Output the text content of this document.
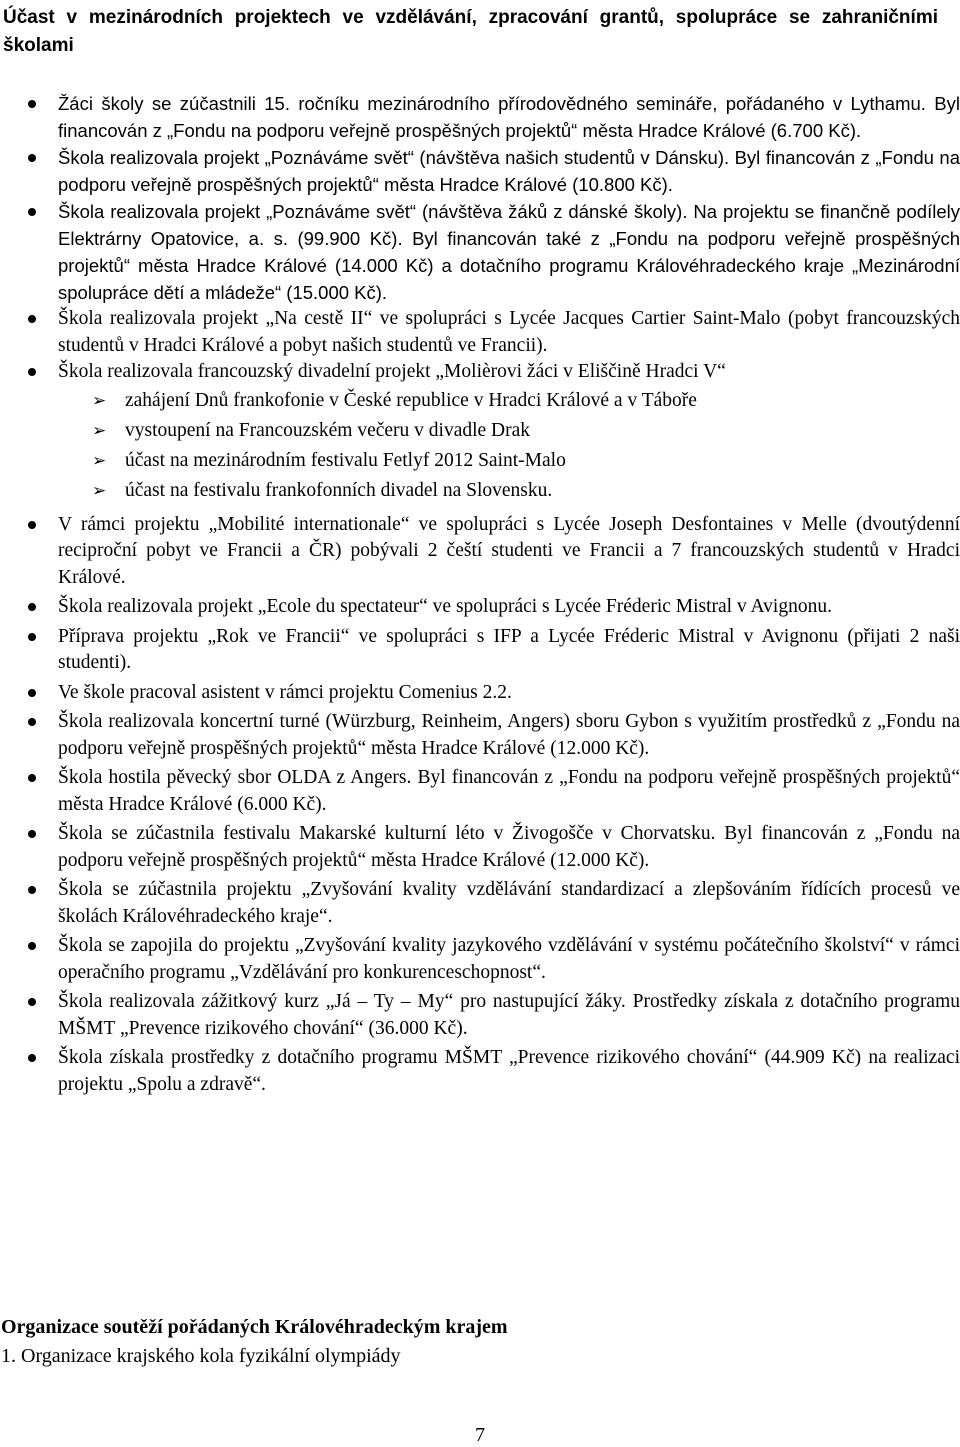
Účast v mezinárodních projektech ve vzdělávání, zpracování grantů, spolupráce se zahraničními školami
Žáci školy se zúčastnili 15. ročníku mezinárodního přírodovědného semináře, pořádaného v Lythamu. Byl financován z „Fondu na podporu veřejně prospěšných projektů“ města Hradce Králové (6.700 Kč).
Škola realizovala projekt „Poznáváme svět“ (návštěva našich studentů v Dánsku). Byl financován z „Fondu na podporu veřejně prospěšných projektů“ města Hradce Králové (10.800 Kč).
Škola realizovala projekt „Poznáváme svět“ (návštěva žáků z dánské školy). Na projektu se finančně podílely Elektrárny Opatovice, a. s. (99.900 Kč). Byl financován také z „Fondu na podporu veřejně prospěšných projektů“ města Hradce Králové (14.000 Kč) a dotačního programu Královéhradeckého kraje „Mezinárodní spolupráce dětí a mládeže“ (15.000 Kč).
Škola realizovala projekt „Na cestě II“ ve spolupráci s Lycée Jacques Cartier Saint-Malo (pobyt francouzských studentů v Hradci Králové a pobyt našich studentů ve Francii).
Škola realizovala francouzský divadelní projekt „Molièrovi žáci v Eliščině Hradci V“
➢ zahájení Dnů frankofonie v České republice v Hradci Králové a v Táboře
➢ vystoupení na Francouzském večeru v divadle Drak
➢ účast na mezinárodním festivalu Fetlyf 2012 Saint-Malo
➢ účast na festivalu frankofonních divadel na Slovensku.
V rámci projektu „Mobilité internationale“ ve spolupráci s Lycée Joseph Desfontaines v Melle (dvoutýdenní reciproční pobyt ve Francii a ČR) pobývali 2 čeští studenti ve Francii a 7 francouzských studentů v Hradci Králové.
Škola realizovala projekt „Ecole du spectateur“ ve spolupráci s Lycée Fréderic Mistral v Avignonu.
Příprava projektu „Rok ve Francii“ ve spolupráci s IFP a Lycée Fréderic Mistral v Avignonu (přijati 2 naši studenti).
Ve škole pracoval asistent v rámci projektu Comenius 2.2.
Škola realizovala koncertní turné (Würzburg, Reinheim, Angers) sboru Gybon s využitím prostředků z „Fondu na podporu veřejně prospěšných projektů“ města Hradce Králové (12.000 Kč).
Škola hostila pěvecký sbor OLDA z Angers. Byl financován z „Fondu na podporu veřejně prospěšných projektů“ města Hradce Králové (6.000 Kč).
Škola se zúčastnila festivalu Makarské kulturní léto v Živogošče v Chorvatsku. Byl financován z „Fondu na podporu veřejně prospěšných projektů“ města Hradce Králové (12.000 Kč).
Škola se zúčastnila projektu „Zvyšování kvality vzdělávání standardizací a zlepšováním řídících procesů ve školách Královéhradeckého kraje“.
Škola se zapojila do projektu „Zvyšování kvality jazykového vzdělávání v systému počátečního školství“ v rámci operačního programu „Vzdělávání pro konkurenceschopnost“.
Škola realizovala zážitkový kurz „Já – Ty – My“ pro nastupující žáky. Prostředky získala z dotačního programu MŠMT „Prevence rizikového chování“ (36.000 Kč).
Škola získala prostředky z dotačního programu MŠMT „Prevence rizikového chování“ (44.909 Kč) na realizaci projektu „Spolu a zdravě“.
Organizace soutěží pořádaných Královéhradeckým krajem
1. Organizace krajského kola fyzikální olympiády
7
